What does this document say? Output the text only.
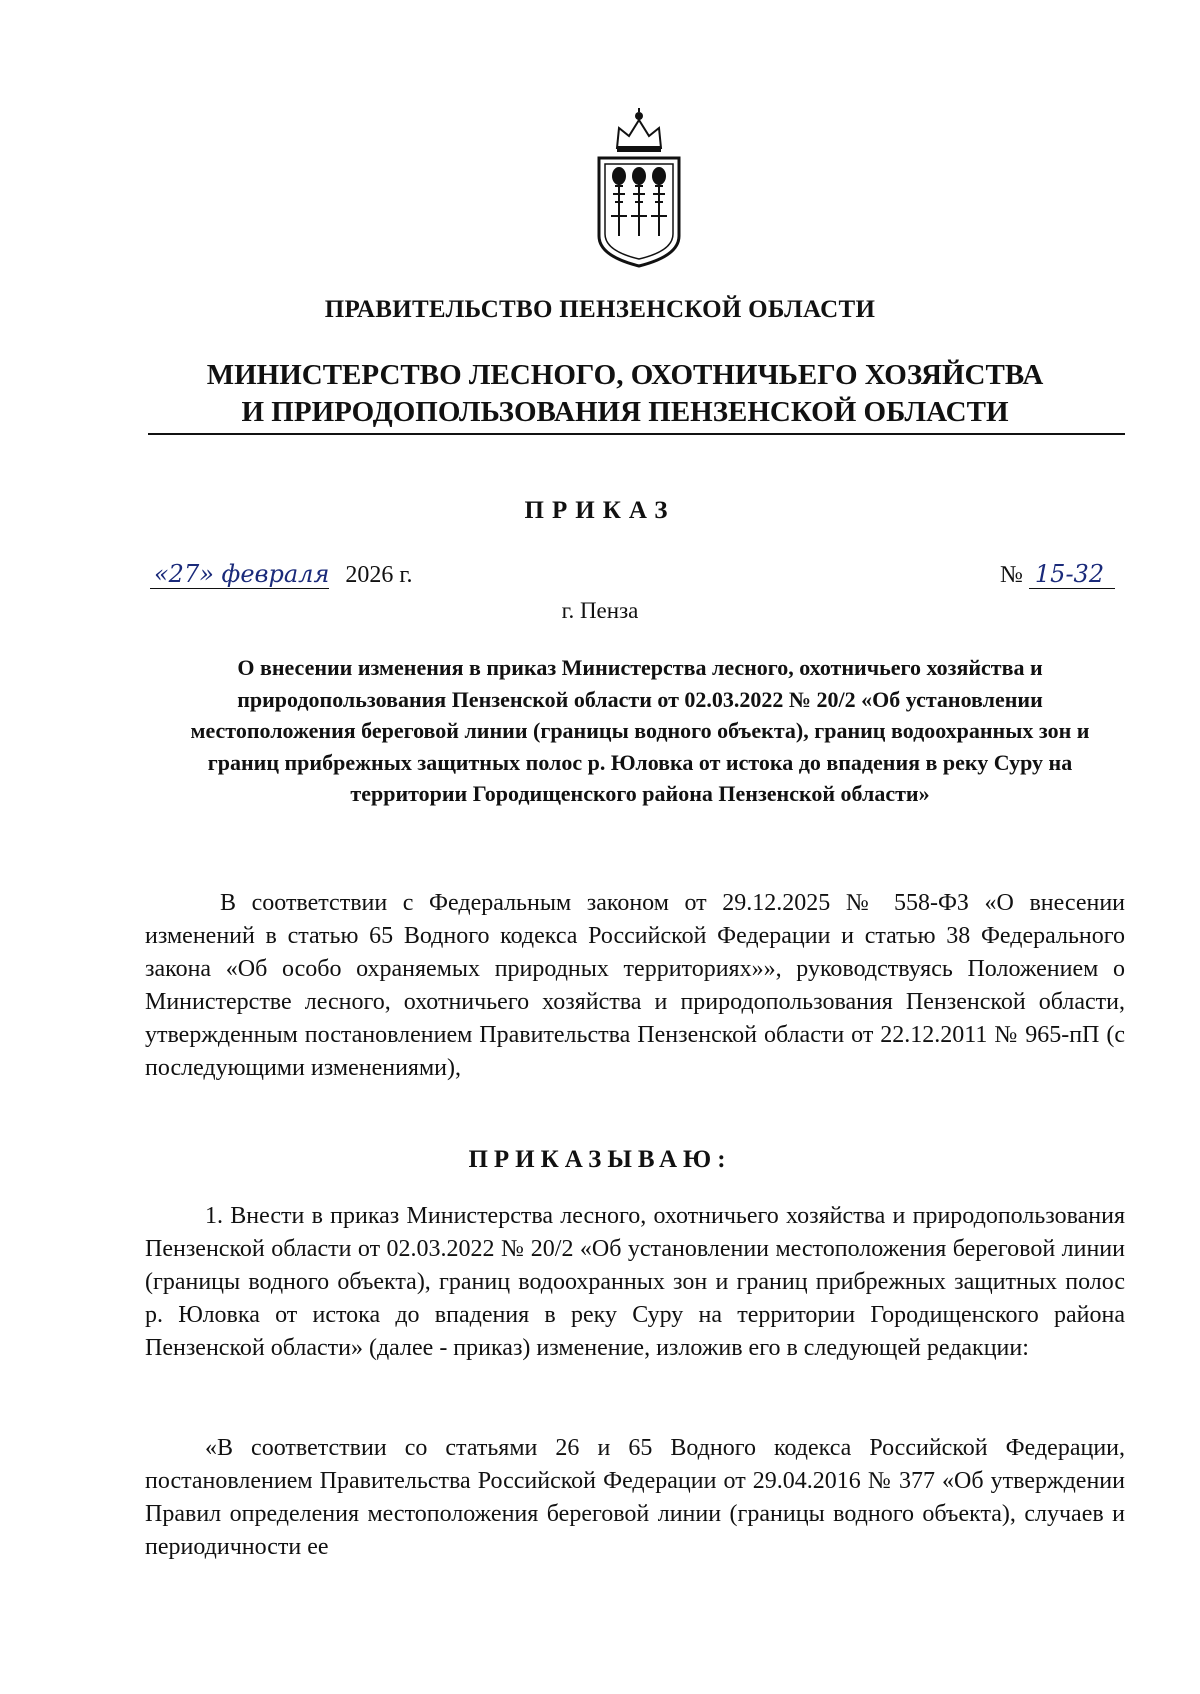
ПРАВИТЕЛЬСТВО ПЕНЗЕНСКОЙ ОБЛАСТИ
МИНИСТЕРСТВО ЛЕСНОГО, ОХОТНИЧЬЕГО ХОЗЯЙСТВА
И ПРИРОДОПОЛЬЗОВАНИЯ ПЕНЗЕНСКОЙ ОБЛАСТИ
ПРИКАЗ
«27» февраля 2026 г.	№ 15-32
г. Пенза
О внесении изменения в приказ Министерства лесного, охотничьего хозяйства и природопользования Пензенской области от 02.03.2022 № 20/2 «Об установлении местоположения береговой линии (границы водного объекта), границ водоохранных зон и границ прибрежных защитных полос р. Юловка от истока до впадения в реку Суру на территории Городищенского района Пензенской области»
В соответствии с Федеральным законом от 29.12.2025 № 558-ФЗ «О внесении изменений в статью 65 Водного кодекса Российской Федерации и статью 38 Федерального закона «Об особо охраняемых природных территориях»», руководствуясь Положением о Министерстве лесного, охотничьего хозяйства и природопользования Пензенской области, утвержденным постановлением Правительства Пензенской области от 22.12.2011 № 965-пП (с последующими изменениями),
ПРИКАЗЫВАЮ:
1. Внести в приказ Министерства лесного, охотничьего хозяйства и природопользования Пензенской области от 02.03.2022 № 20/2 «Об установлении местоположения береговой линии (границы водного объекта), границ водоохранных зон и границ прибрежных защитных полос р. Юловка от истока до впадения в реку Суру на территории Городищенского района Пензенской области» (далее - приказ) изменение, изложив его в следующей редакции:
«В соответствии со статьями 26 и 65 Водного кодекса Российской Федерации, постановлением Правительства Российской Федерации от 29.04.2016 № 377 «Об утверждении Правил определения местоположения береговой линии (границы водного объекта), случаев и периодичности ее
